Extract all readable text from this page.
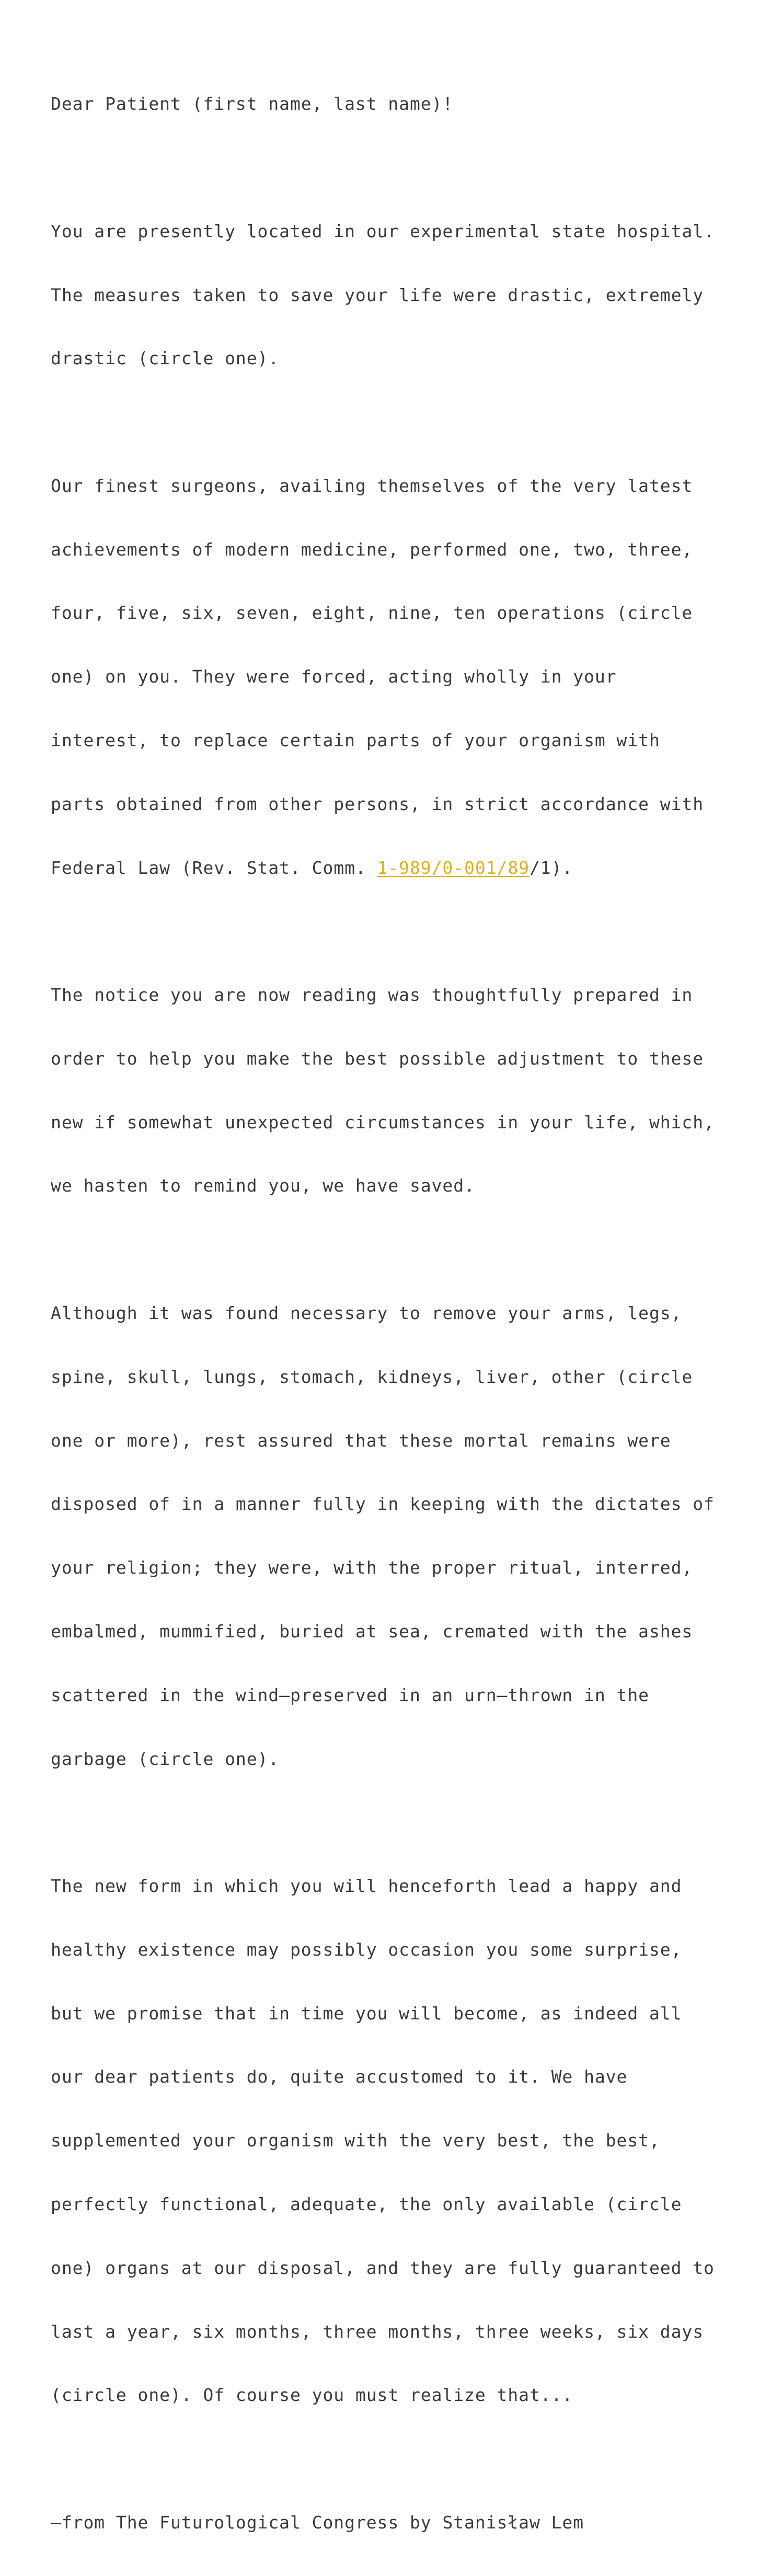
Dear Patient (first name, last name)!

You are presently located in our experimental state hospital.

The measures taken to save your life were drastic, extremely

drastic (circle one).

Our finest surgeons, availing themselves of the very latest

achievements of modern medicine, performed one, two, three,

four, five, six, seven, eight, nine, ten operations (circle

one) on you. They were forced, acting wholly in your

interest, to replace certain parts of your organism with

parts obtained from other persons, in strict accordance with

Federal Law (Rev. Stat. Comm. 1-989/0-001/89/1).

The notice you are now reading was thoughtfully prepared in

order to help you make the best possible adjustment to these

new if somewhat unexpected circumstances in your life, which,

we hasten to remind you, we have saved.

Although it was found necessary to remove your arms, legs,

spine, skull, lungs, stomach, kidneys, liver, other (circle

one or more), rest assured that these mortal remains were

disposed of in a manner fully in keeping with the dictates of

your religion; they were, with the proper ritual, interred,

embalmed, mummified, buried at sea, cremated with the ashes

scattered in the wind—preserved in an urn—thrown in the

garbage (circle one).

The new form in which you will henceforth lead a happy and

healthy existence may possibly occasion you some surprise,

but we promise that in time you will become, as indeed all

our dear patients do, quite accustomed to it. We have

supplemented your organism with the very best, the best,

perfectly functional, adequate, the only available (circle

one) organs at our disposal, and they are fully guaranteed to

last a year, six months, three months, three weeks, six days

(circle one). Of course you must realize that...

—from The Futurological Congress by Stanisław Lem
